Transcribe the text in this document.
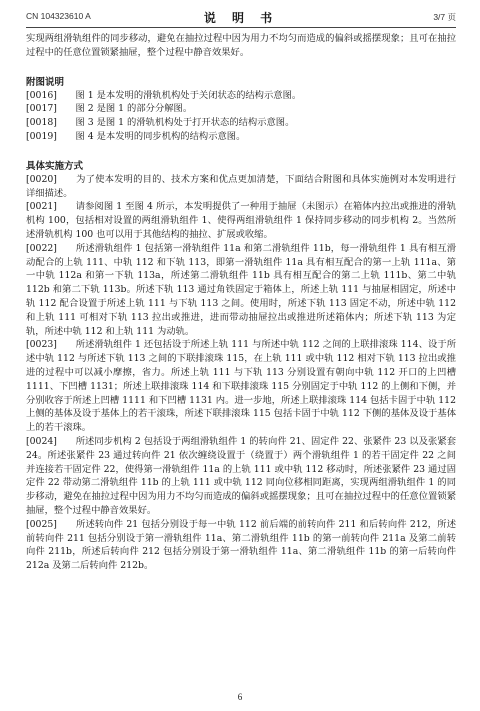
CN 104323610 A	说 明 书	3/7 页

实现两组滑轨组件的同步移动，避免在抽拉过程中因为用力不均匀而造成的偏斜或摇摆现象；且可在抽拉过程中的任意位置锁紧抽屉，整个过程中静音效果好。

附图说明

[0016]　　图 1 是本发明的滑轨机构处于关闭状态的结构示意图。

[0017]　　图 2 是图 1 的部分分解图。

[0018]　　图 3 是图 1 的滑轨机构处于打开状态的结构示意图。

[0019]　　图 4 是本发明的同步机构的结构示意图。

具体实施方式

[0020]　　为了使本发明的目的、技术方案和优点更加清楚，下面结合附图和具体实施例对本发明进行详细描述。

[0021]　　请参阅图 1 至图 4 所示，本发明提供了一种用于抽屉（未图示）在箱体内拉出或推进的滑轨机构 100，包括相对设置的两组滑轨组件 1、使得两组滑轨组件 1 保持同步移动的同步机构 2。当然所述滑轨机构 100 也可以用于其他结构的抽拉、扩展或收缩。

[0022]　　所述滑轨组件 1 包括第一滑轨组件 11a 和第二滑轨组件 11b，每一滑轨组件 1 具有相互滑动配合的上轨 111、中轨 112 和下轨 113，即第一滑轨组件 11a 具有相互配合的第一上轨 111a、第一中轨 112a 和第一下轨 113a，所述第二滑轨组件 11b 具有相互配合的第二上轨 111b、第二中轨 112b 和第二下轨 113b。所述下轨 113 通过角铁固定于箱体上，所述上轨 111 与抽屉相固定，所述中轨 112 配合设置于所述上轨 111 与下轨 113 之间。使用时，所述下轨 113 固定不动，所述中轨 112 和上轨 111 可相对下轨 113 拉出或推进，进而带动抽屉拉出或推进所述箱体内；所述下轨 113 为定轨，所述中轨 112 和上轨 111 为动轨。

[0023]　　所述滑轨组件 1 还包括设于所述上轨 111 与所述中轨 112 之间的上联排滚珠 114、设于所述中轨 112 与所述下轨 113 之间的下联排滚珠 115，在上轨 111 或中轨 112 相对下轨 113 拉出或推进的过程中可以减小摩擦，省力。所述上轨 111 与下轨 113 分别设置有朝向中轨 112 开口的上凹槽 1111、下凹槽 1131；所述上联排滚珠 114 和下联排滚珠 115 分别固定于中轨 112 的上侧和下侧，并分别收容于所述上凹槽 1111 和下凹槽 1131 内。进一步地，所述上联排滚珠 114 包括卡固于中轨 112 上侧的基体及设于基体上的若干滚珠，所述下联排滚珠 115 包括卡固于中轨 112 下侧的基体及设于基体上的若干滚珠。

[0024]　　所述同步机构 2 包括设于两组滑轨组件 1 的转向件 21、固定件 22、张紧件 23 以及张紧套 24。所述张紧件 23 通过转向件 21 依次缠绕设置于（绕置于）两个滑轨组件 1 的若干固定件 22 之间并连接若干固定件 22，使得第一滑轨组件 11a 的上轨 111 或中轨 112 移动时，所述张紧件 23 通过固定件 22 带动第二滑轨组件 11b 的上轨 111 或中轨 112 同向位移相同距离，实现两组滑轨组件 1 的同步移动，避免在抽拉过程中因为用力不均匀而造成的偏斜或摇摆现象；且可在抽拉过程中的任意位置锁紧抽屉，整个过程中静音效果好。

[0025]　　所述转向件 21 包括分别设于每一中轨 112 前后端的前转向件 211 和后转向件 212，所述前转向件 211 包括分别设于第一滑轨组件 11a、第二滑轨组件 11b 的第一前转向件 211a 及第二前转向件 211b，所述后转向件 212 包括分别设于第一滑轨组件 11a、第二滑轨组件 11b 的第一后转向件 212a 及第二后转向件 212b。

6
